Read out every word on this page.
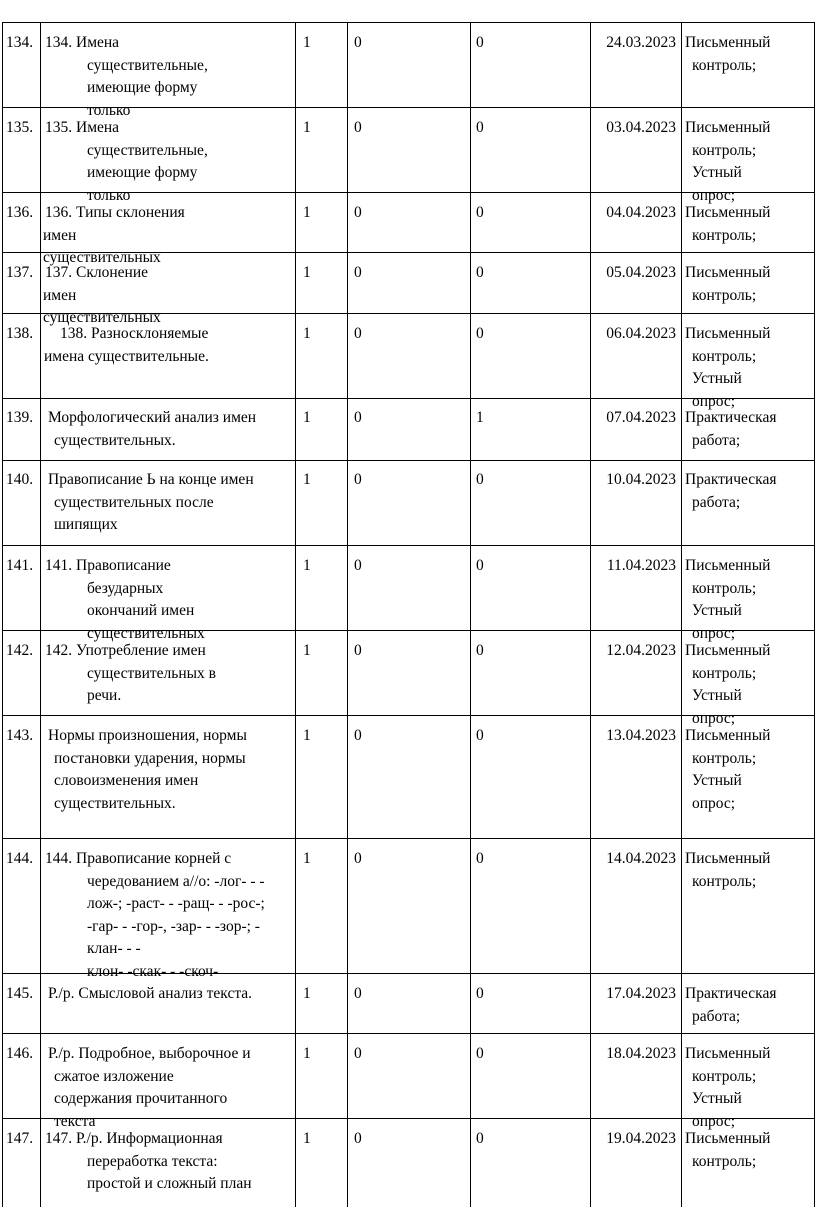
134. 134. Имена
существительные,
имеющие форму
только
1	0	0	24.03.2023 Письменный
контроль;
135. 135. Имена
существительные,
имеющие форму
только
1	0	0	03.04.2023 Письменный
контроль;
Устный
опрос;
136. 136. Типы склонения
имен
существительных
1	0	0	04.04.2023 Письменный
контроль;
137. 137. Склонение
имен
существительных
1	0	0	05.04.2023 Письменный
контроль;
138. 138. Разносклоняемые
имена существительные.
1	0	0	06.04.2023 Письменный
контроль;
Устный
опрос;
139. Морфологический анализ имен
существительных.
1	0	1	07.04.2023 Практическая
работа;
140. Правописание Ь на конце имен
существительных после
шипящих
1	0	0	10.04.2023 Практическая
работа;
141. 141. Правописание
безударных
окончаний имен
существительных
1	0	0	11.04.2023 Письменный
контроль;
Устный
опрос;
142. 142. Употребление имен
существительных в
речи.
1	0	0	12.04.2023 Письменный
контроль;
Устный
опрос;
143. Нормы произношения, нормы
постановки ударения, нормы
словоизменения имен
существительных.
1	0	0	13.04.2023 Письменный
контроль;
Устный
опрос;
144. 144. Правописание корней с
чередованием а//о: -лог- - -
лож-; -раст- - -ращ- - -рос-;
-гар- - -гор-, -зар- - -зор-; -
клан- - -
клон- -скак- - -скоч-
1	0	0	14.04.2023 Письменный
контроль;
145. Р./р. Смысловой анализ текста.	1	0	0	17.04.2023 Практическая
работа;
146. Р./р. Подробное, выборочное и
сжатое изложение
содержания прочитанного
текста
1	0	0	18.04.2023 Письменный
контроль;
Устный
опрос;
147. 147. Р./р. Информационная
переработка текста:
простой и сложный план
1	0	0	19.04.2023 Письменный
контроль;
